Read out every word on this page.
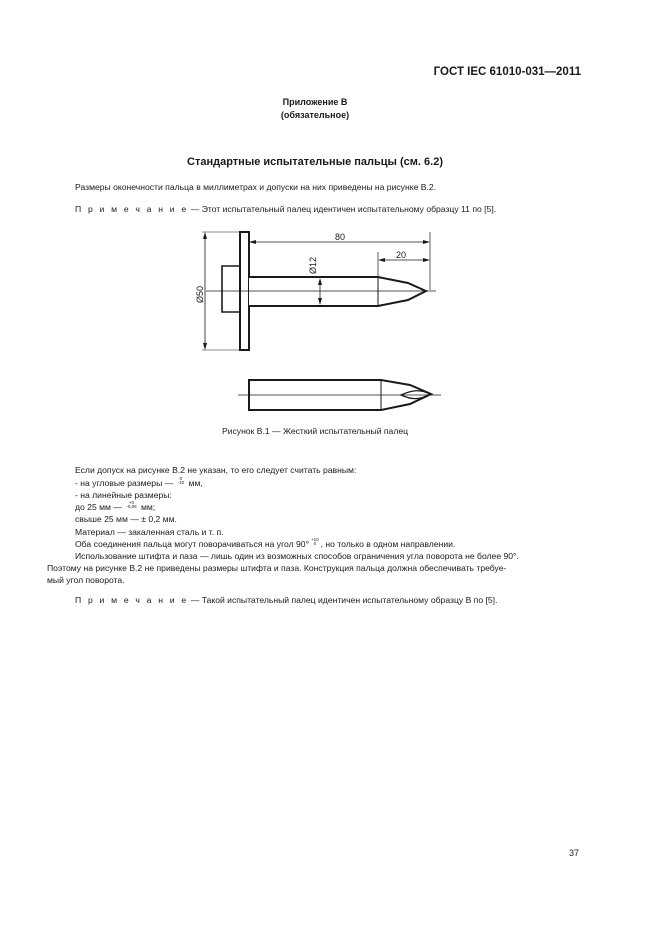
ГОСТ IEC 61010-031—2011
Приложение В
(обязательное)
Стандартные испытательные пальцы (см. 6.2)
Размеры оконечности пальца в миллиметрах и допуски на них приведены на рисунке В.2.
П р и м е ч а н и е — Этот испытательный палец идентичен испытательному образцу 11 по [5].
80
20
Ø12
Ø50
Рисунок В.1 — Жесткий испытательный палец
Если допуск на рисунке В.2 не указан, то его следует считать равным:
- на угловые размеры —	0
-10 мм,
- на линейные размеры:
до 25 мм —	+0
-0,05 мм;
свыше 25 мм — ± 0,2 мм.
Материал — закаленная сталь и т. п.
Оба соединения пальца могут поворачиваться на угол 90° +10
0 , но только в одном направлении.
Использование штифта и паза — лишь один из возможных способов ограничения угла поворота не более 90°.
Поэтому на рисунке В.2 не приведены размеры штифта и паза. Конструкция пальца должна обеспечивать требуе-
мый угол поворота.
П р и м е ч а н и е — Такой испытательный палец идентичен испытательному образцу В по [5].
37
